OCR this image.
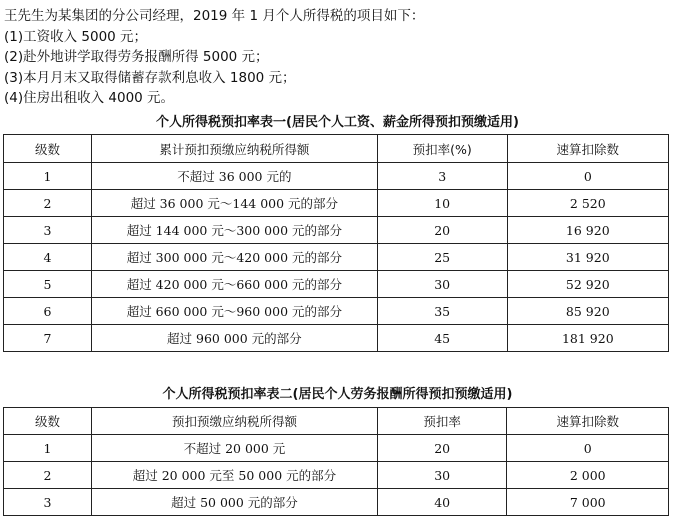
王先生为某集团的分公司经理，2019 年 1 月个人所得税的项目如下：
(1)工资收入 5000 元；
(2)赴外地讲学取得劳务报酬所得 5000 元；
(3)本月月末又取得储蓄存款利息收入 1800 元；
(4)住房出租收入 4000 元。
个人所得税预扣率表一(居民个人工资、薪金所得预扣预缴适用)
级数	累计预扣预缴应纳税所得额	预扣率(%)	速算扣除数
1	不超过 36 000 元的	3	0
2	超过 36 000 元～144 000 元的部分	10	2 520
3	超过 144 000 元～300 000 元的部分	20	16 920
4	超过 300 000 元～420 000 元的部分	25	31 920
5	超过 420 000 元～660 000 元的部分	30	52 920
6	超过 660 000 元～960 000 元的部分	35	85 920
7	超过 960 000 元的部分	45	181 920
个人所得税预扣率表二(居民个人劳务报酬所得预扣预缴适用)
级数	预扣预缴应纳税所得额	预扣率	速算扣除数
1	不超过 20 000 元	20	0
2	超过 20 000 元至 50 000 元的部分	30	2 000
3	超过 50 000 元的部分	40	7 000
